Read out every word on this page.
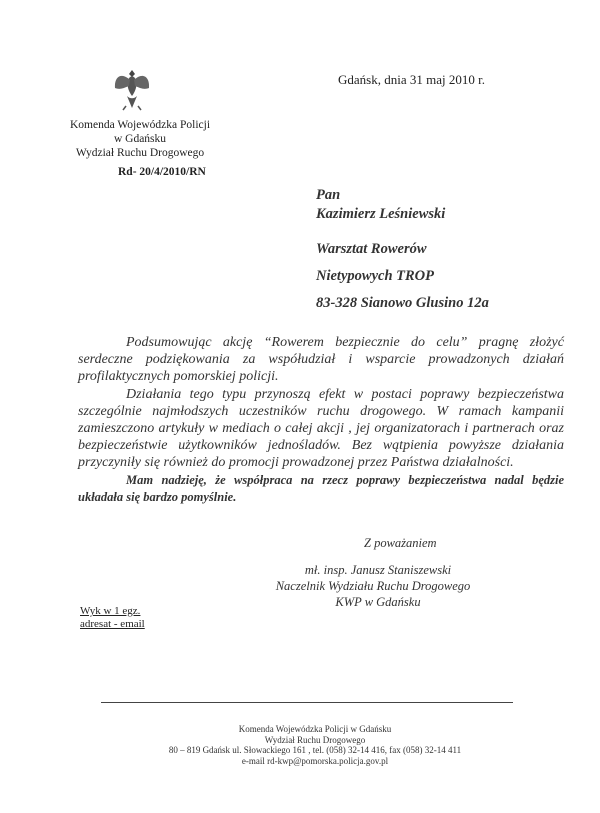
Komenda Wojewódzka Policji
w Gdańsku
Wydział Ruchu Drogowego
Rd- 20/4/2010/RN
Gdańsk, dnia 31 maj 2010 r.
Pan
Kazimierz Leśniewski
Warsztat Rowerów
Nietypowych TROP
83-328 Sianowo Glusino 12a

Podsumowując akcję “Rowerem bezpiecznie do celu” pragnę złożyć serdeczne podziękowania za współudział i wsparcie prowadzonych działań profilaktycznych pomorskiej policji.

Działania tego typu przynoszą efekt w postaci poprawy bezpieczeństwa szczególnie najmłodszych uczestników ruchu drogowego. W ramach kampanii zamieszczono artykuły w mediach o całej akcji , jej organizatorach i partnerach oraz bezpieczeństwie użytkowników jednośladów. Bez wątpienia powyższe działania przyczyniły się również do promocji prowadzonej przez Państwa działalności.

Mam nadzieję, że współpraca na rzecz poprawy bezpieczeństwa nadal będzie układała się bardzo pomyślnie.

Z poważaniem
mł. insp. Janusz Staniszewski
Naczelnik Wydziału Ruchu Drogowego
KWP w Gdańsku
Wyk w 1 egz.
adresat - email
Komenda Wojewódzka Policji w Gdańsku
Wydział Ruchu Drogowego
80 – 819 Gdańsk ul. Słowackiego 161 , tel. (058) 32-14 416, fax (058) 32-14 411
e-mail rd-kwp@pomorska.policja.gov.pl
